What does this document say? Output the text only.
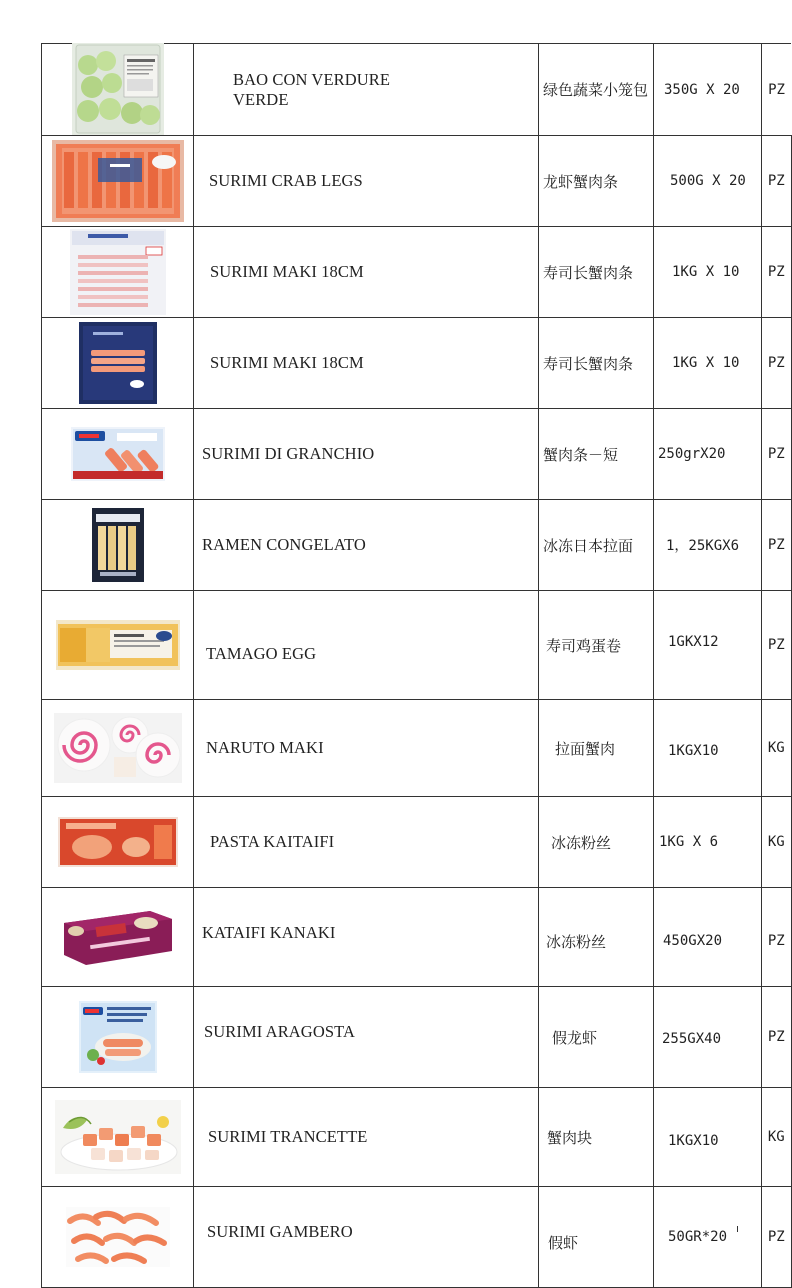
	BAO CON VERDURE
VERDE	绿色蔬菜小笼包	350G X 20	PZ

	SURIMI CRAB LEGS	龙虾蟹肉条	500G X 20	PZ

	SURIMI MAKI 18CM	寿司长蟹肉条	1KG X 10	PZ

	SURIMI MAKI 18CM	寿司长蟹肉条	1KG X 10	PZ

	SURIMI DI GRANCHIO	蟹肉条－短	250grX20	PZ

	RAMEN CONGELATO	冰冻日本拉面	1，25KGX6	PZ

	TAMAGO EGG	寿司鸡蛋卷	1GKX12	PZ

	NARUTO MAKI	拉面蟹肉	1KGX10	KG

	PASTA KAITAIFI	冰冻粉丝	1KG X 6	KG

	KATAIFI KANAKI	冰冻粉丝	450GX20	PZ

	SURIMI ARAGOSTA	假龙虾	255GX40	PZ

	SURIMI TRANCETTE	蟹肉块	1KGX10	KG

	SURIMI GAMBERO	假虾	50GR*20	PZ
